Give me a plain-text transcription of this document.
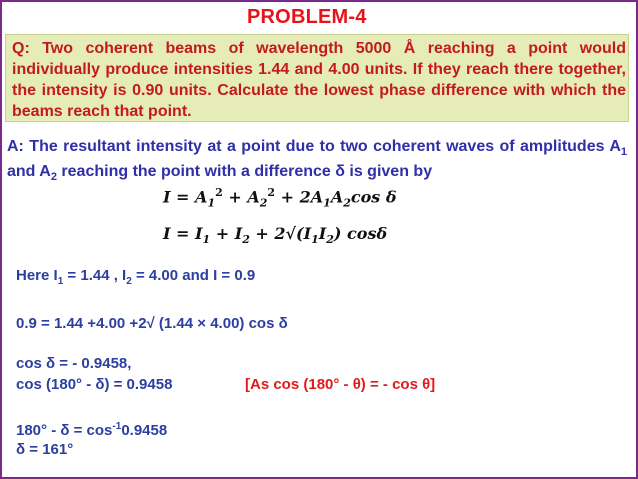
PROBLEM-4
Q: Two coherent beams of wavelength 5000 Å reaching a point would individually produce intensities 1.44 and 4.00 units. If they reach there together, the intensity is 0.90 units. Calculate the lowest phase difference with which the beams reach that point.
A: The resultant intensity at a point due to two coherent waves of amplitudes $A_1$ and $A_2$ reaching the point with a difference δ is given by
$I = A_1^2 + A_2^2 + 2A_1A_2\cos$ δ
$I = I_1 + I_2 + 2√(I_1I_2)$ cosδ
Here $I_1 = 1.44$ , $I_2 = 4.00$ and I = 0.9
0.9 = 1.44 +4.00 +2√ (1.44 × 4.00) cos δ
cos δ = - 0.9458,
cos (180° - δ) = 0.9458	[As cos (180° - θ) = - cos θ]
$180^\circ - \delta = \cos^{-1}0.9458$
δ = 161°
